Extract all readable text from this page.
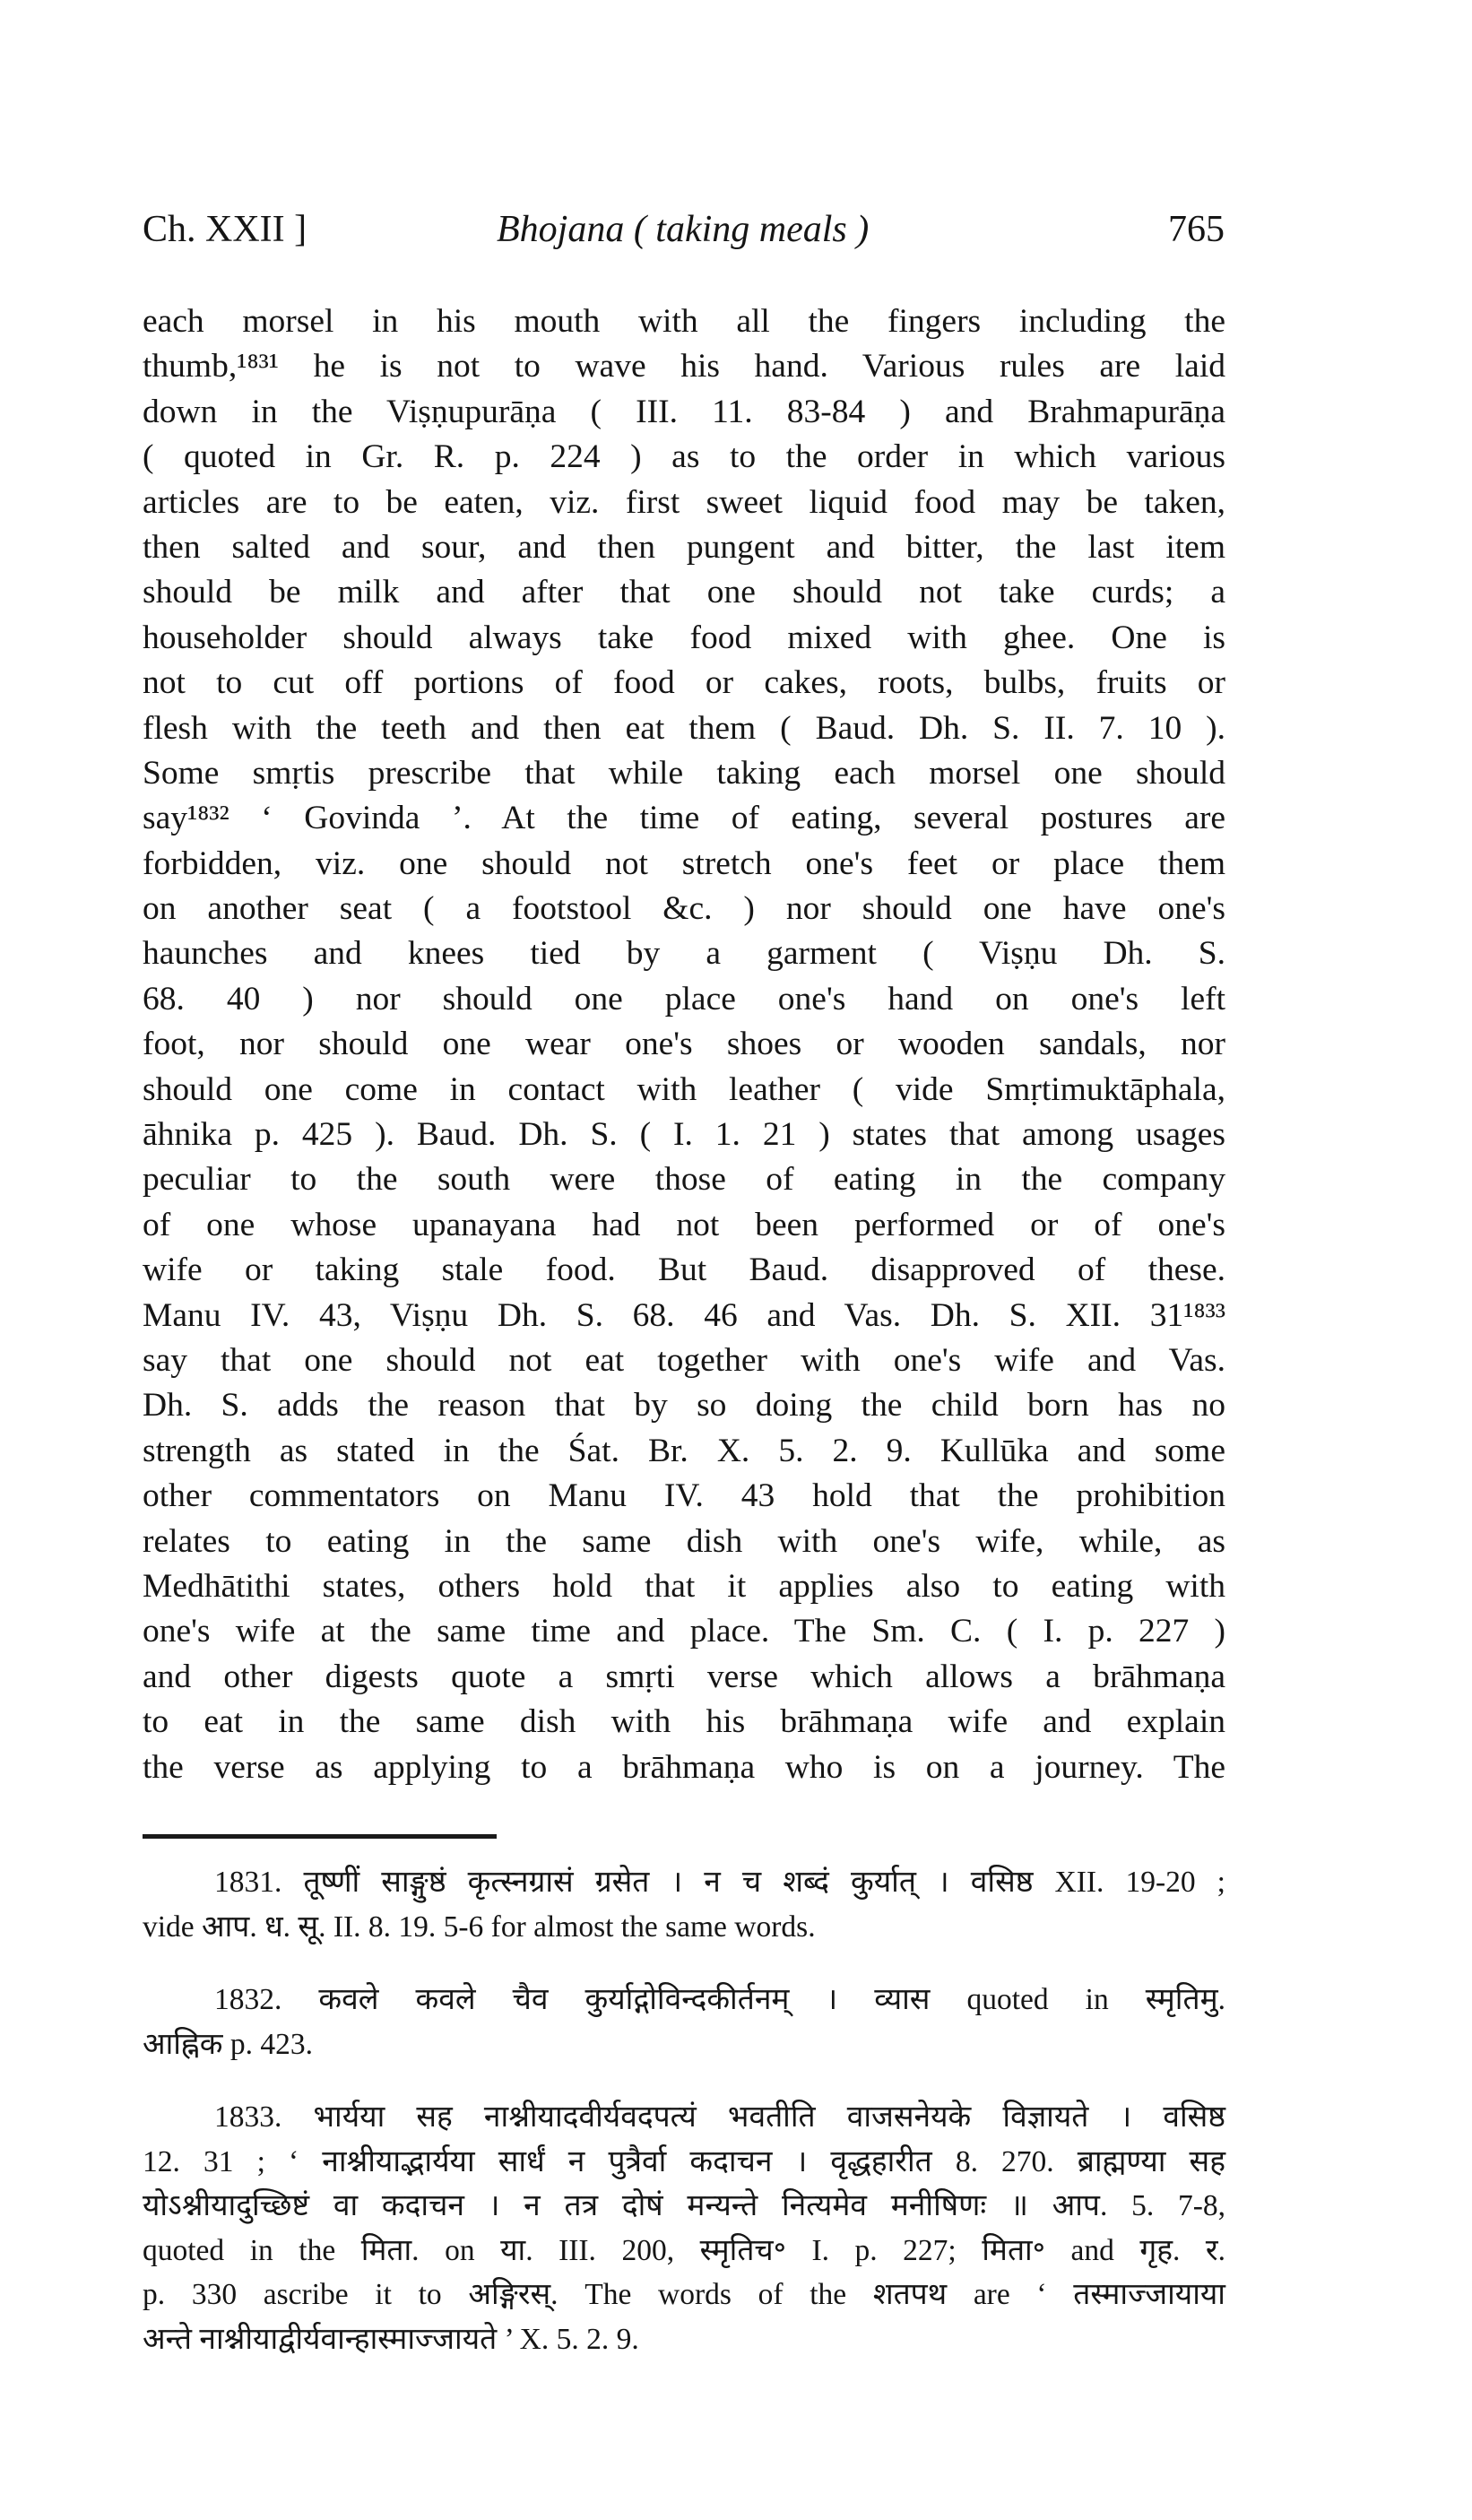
Ch. XXII ]	Bhojana ( taking meals )	765
each morsel in his mouth with all the fingers including the
thumb,¹⁸³¹ he is not to wave his hand. Various rules are laid
down in the Viṣṇupurāṇa ( III. 11. 83-84 ) and Brahmapurāṇa
( quoted in Gr. R. p. 224 ) as to the order in which various
articles are to be eaten, viz. first sweet liquid food may be taken,
then salted and sour, and then pungent and bitter, the last item
should be milk and after that one should not take curds; a
householder should always take food mixed with ghee. One is
not to cut off portions of food or cakes, roots, bulbs, fruits or
flesh with the teeth and then eat them ( Baud. Dh. S. II. 7. 10 ).
Some smṛtis prescribe that while taking each morsel one should
say¹⁸³² ‘ Govinda ’. At the time of eating, several postures are
forbidden, viz. one should not stretch one's feet or place them
on another seat ( a footstool &c. ) nor should one have one's
haunches and knees tied by a garment ( Viṣṇu Dh. S.
68. 40 ) nor should one place one's hand on one's left
foot, nor should one wear one's shoes or wooden sandals, nor
should one come in contact with leather ( vide Smṛtimuktāphala,
āhnika p. 425 ). Baud. Dh. S. ( I. 1. 21 ) states that among usages
peculiar to the south were those of eating in the company
of one whose upanayana had not been performed or of one's
wife or taking stale food. But Baud. disapproved of these.
Manu IV. 43, Viṣṇu Dh. S. 68. 46 and Vas. Dh. S. XII. 31¹⁸³³
say that one should not eat together with one's wife and Vas.
Dh. S. adds the reason that by so doing the child born has no
strength as stated in the Śat. Br. X. 5. 2. 9. Kullūka and some
other commentators on Manu IV. 43 hold that the prohibition
relates to eating in the same dish with one's wife, while, as
Medhātithi states, others hold that it applies also to eating with
one's wife at the same time and place. The Sm. C. ( I. p. 227 )
and other digests quote a smṛti verse which allows a brāhmaṇa
to eat in the same dish with his brāhmaṇa wife and explain
the verse as applying to a brāhmaṇa who is on a journey. The
1831. तूष्णीं साङ्गुष्ठं कृत्स्नग्रासं ग्रसेत । न च शब्दं कुर्यात् । वसिष्ठ XII. 19-20 ;
vide आप. ध. सू. II. 8. 19. 5-6 for almost the same words.
1832. कवले कवले चैव कुर्याद्गोविन्दकीर्तनम् । व्यास quoted in स्मृतिमु.
आह्निक p. 423.
1833. भार्यया सह नाश्नीयादवीर्यवदपत्यं भवतीति वाजसनेयके विज्ञायते । वसिष्ठ
12. 31 ; ‘ नाश्नीयाद्भार्यया सार्धं न पुत्रैर्वा कदाचन । वृद्धहारीत 8. 270. ब्राह्मण्या सह
योऽश्नीयादुच्छिष्टं वा कदाचन । न तत्र दोषं मन्यन्ते नित्यमेव मनीषिणः ॥ आप. 5. 7-8,
quoted in the मिता. on या. III. 200, स्मृतिच॰ I. p. 227; मिता॰ and गृह. र.
p. 330 ascribe it to अङ्गिरस्. The words of the शतपथ are ‘ तस्माज्जायाया
अन्ते नाश्नीयाद्वीर्यवान्हास्माज्जायते ’ X. 5. 2. 9.
